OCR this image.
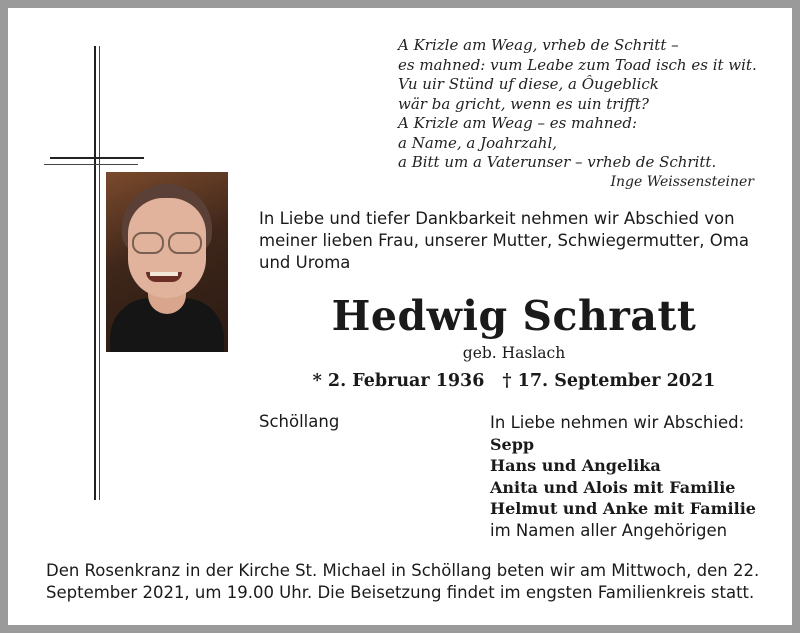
A Krizle am Weag, vrheb de Schritt –
es mahned: vum Leabe zum Toad isch es it wit.
Vu uir Stünd uf diese, a Ôugeblick
wär ba gricht, wenn es uin trifft?
A Krizle am Weag – es mahned:
a Name, a Joahrzahl,
a Bitt um a Vaterunser – vrheb de Schritt.
Inge Weissensteiner
In Liebe und tiefer Dankbarkeit nehmen wir Abschied von meiner lieben Frau, unserer Mutter, Schwiegermutter, Oma und Uroma
Hedwig Schratt
geb. Haslach
* 2. Februar 1936 † 17. September 2021
Schöllang	In Liebe nehmen wir Abschied:
Sepp
Hans und Angelika
Anita und Alois mit Familie
Helmut und Anke mit Familie
im Namen aller Angehörigen
Den Rosenkranz in der Kirche St. Michael in Schöllang beten wir am Mittwoch, den 22. September 2021, um 19.00 Uhr. Die Beisetzung findet im engsten Familienkreis statt.
